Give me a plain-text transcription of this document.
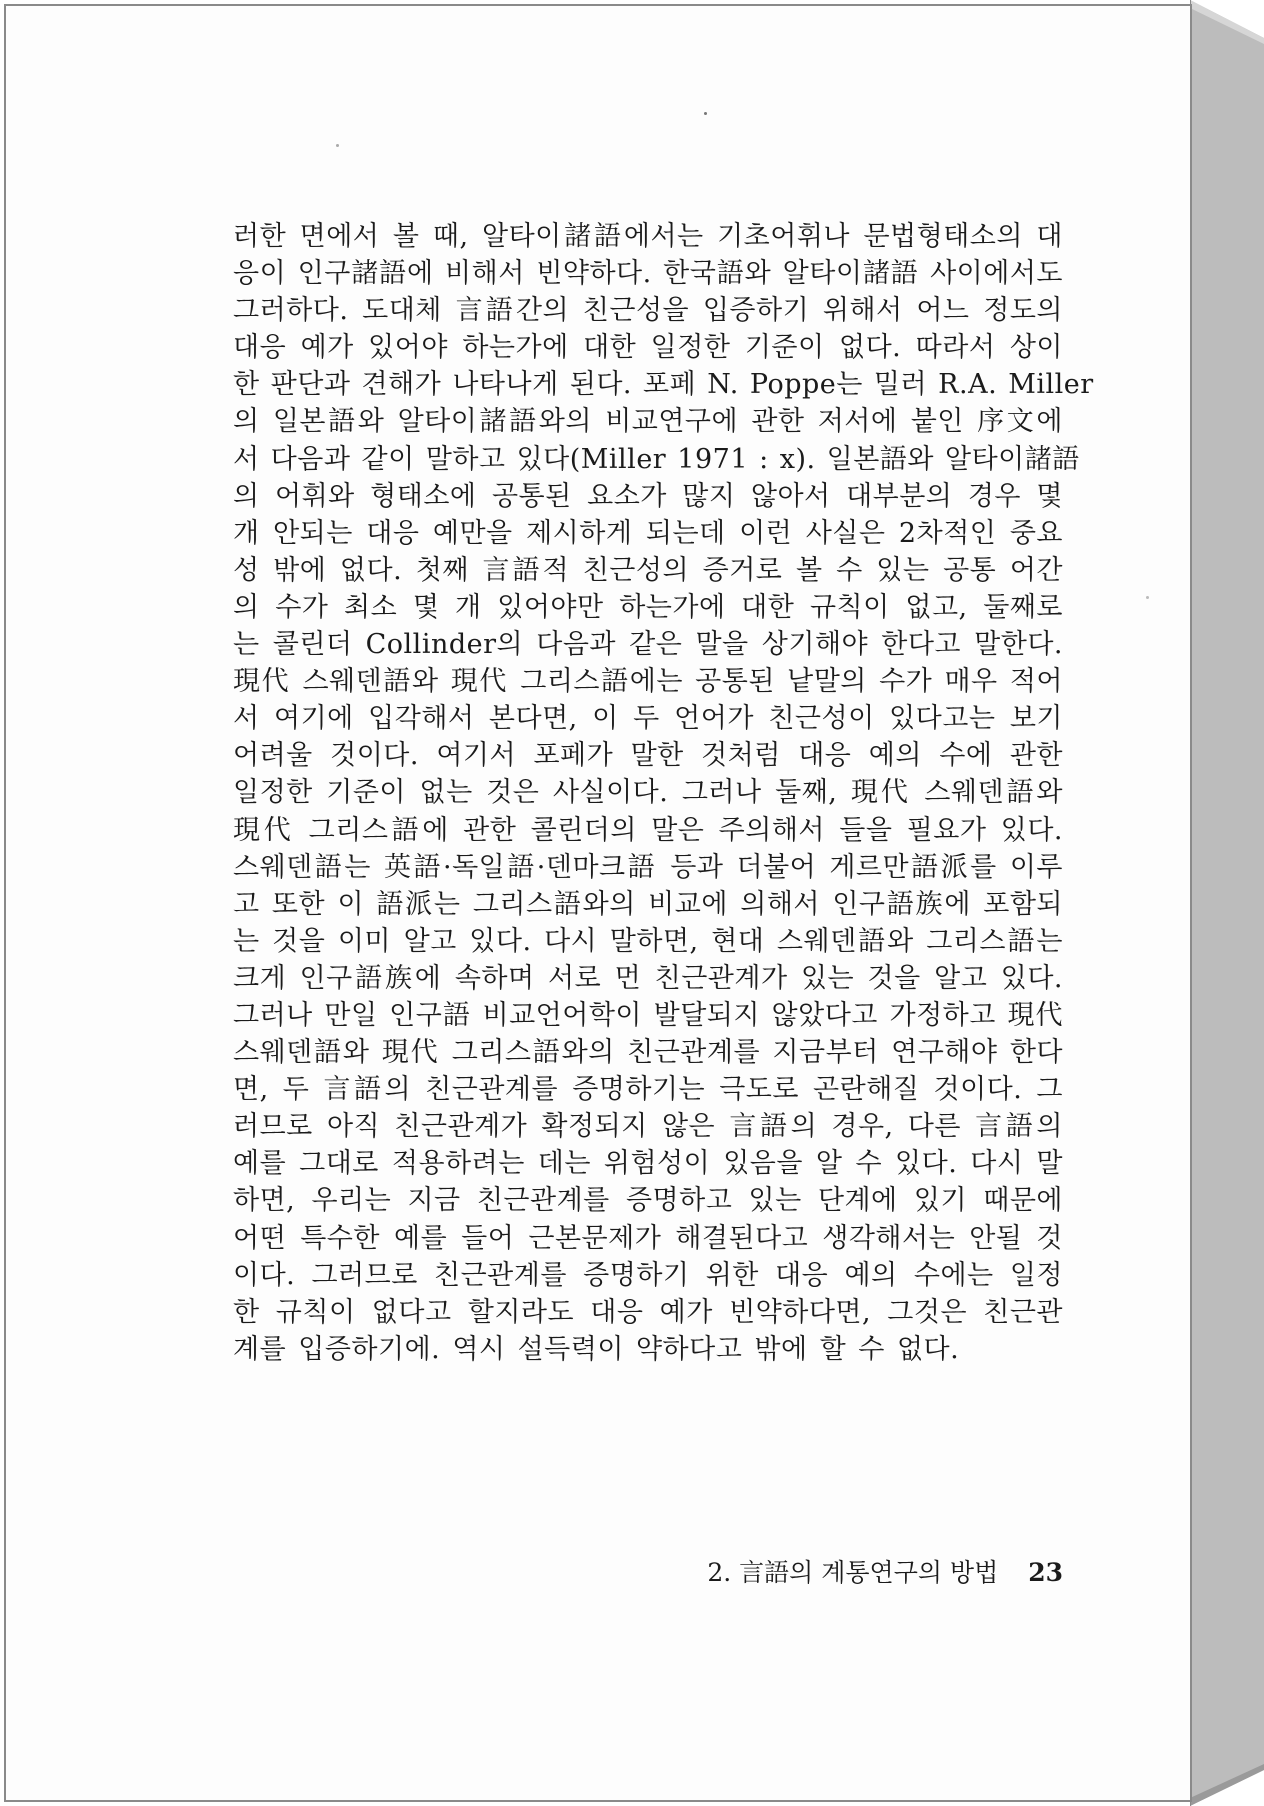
러한 면에서 볼 때, 알타이諸語에서는 기초어휘나 문법형태소의 대
응이 인구諸語에 비해서 빈약하다. 한국語와 알타이諸語 사이에서도
그러하다. 도대체 言語간의 친근성을 입증하기 위해서 어느 정도의
대응 예가 있어야 하는가에 대한 일정한 기준이 없다. 따라서 상이
한 판단과 견해가 나타나게 된다. 포페 N. Poppe는 밀러 R.A. Miller
의 일본語와 알타이諸語와의 비교연구에 관한 저서에 붙인 序文에
서 다음과 같이 말하고 있다(Miller 1971 : x). 일본語와 알타이諸語
의 어휘와 형태소에 공통된 요소가 많지 않아서 대부분의 경우 몇
개 안되는 대응 예만을 제시하게 되는데 이런 사실은 2차적인 중요
성 밖에 없다. 첫째 言語적 친근성의 증거로 볼 수 있는 공통 어간
의 수가 최소 몇 개 있어야만 하는가에 대한 규칙이 없고, 둘째로
는 콜린더 Collinder의 다음과 같은 말을 상기해야 한다고 말한다.
現代 스웨덴語와 現代 그리스語에는 공통된 낱말의 수가 매우 적어
서 여기에 입각해서 본다면, 이 두 언어가 친근성이 있다고는 보기
어려울 것이다. 여기서 포페가 말한 것처럼 대응 예의 수에 관한
일정한 기준이 없는 것은 사실이다. 그러나 둘째, 現代 스웨덴語와
現代 그리스語에 관한 콜린더의 말은 주의해서 들을 필요가 있다.
스웨덴語는 英語·독일語·덴마크語 등과 더불어 게르만語派를 이루
고 또한 이 語派는 그리스語와의 비교에 의해서 인구語族에 포함되
는 것을 이미 알고 있다. 다시 말하면, 현대 스웨덴語와 그리스語는
크게 인구語族에 속하며 서로 먼 친근관계가 있는 것을 알고 있다.
그러나 만일 인구語 비교언어학이 발달되지 않았다고 가정하고 現代
스웨덴語와 現代 그리스語와의 친근관계를 지금부터 연구해야 한다
면, 두 言語의 친근관계를 증명하기는 극도로 곤란해질 것이다. 그
러므로 아직 친근관계가 확정되지 않은 言語의 경우, 다른 言語의
예를 그대로 적용하려는 데는 위험성이 있음을 알 수 있다. 다시 말
하면, 우리는 지금 친근관계를 증명하고 있는 단계에 있기 때문에
어떤 특수한 예를 들어 근본문제가 해결된다고 생각해서는 안될 것
이다. 그러므로 친근관계를 증명하기 위한 대응 예의 수에는 일정
한 규칙이 없다고 할지라도 대응 예가 빈약하다면, 그것은 친근관
계를 입증하기에. 역시 설득력이 약하다고 밖에 할 수 없다.
2. 言語의 계통연구의 방법 23
